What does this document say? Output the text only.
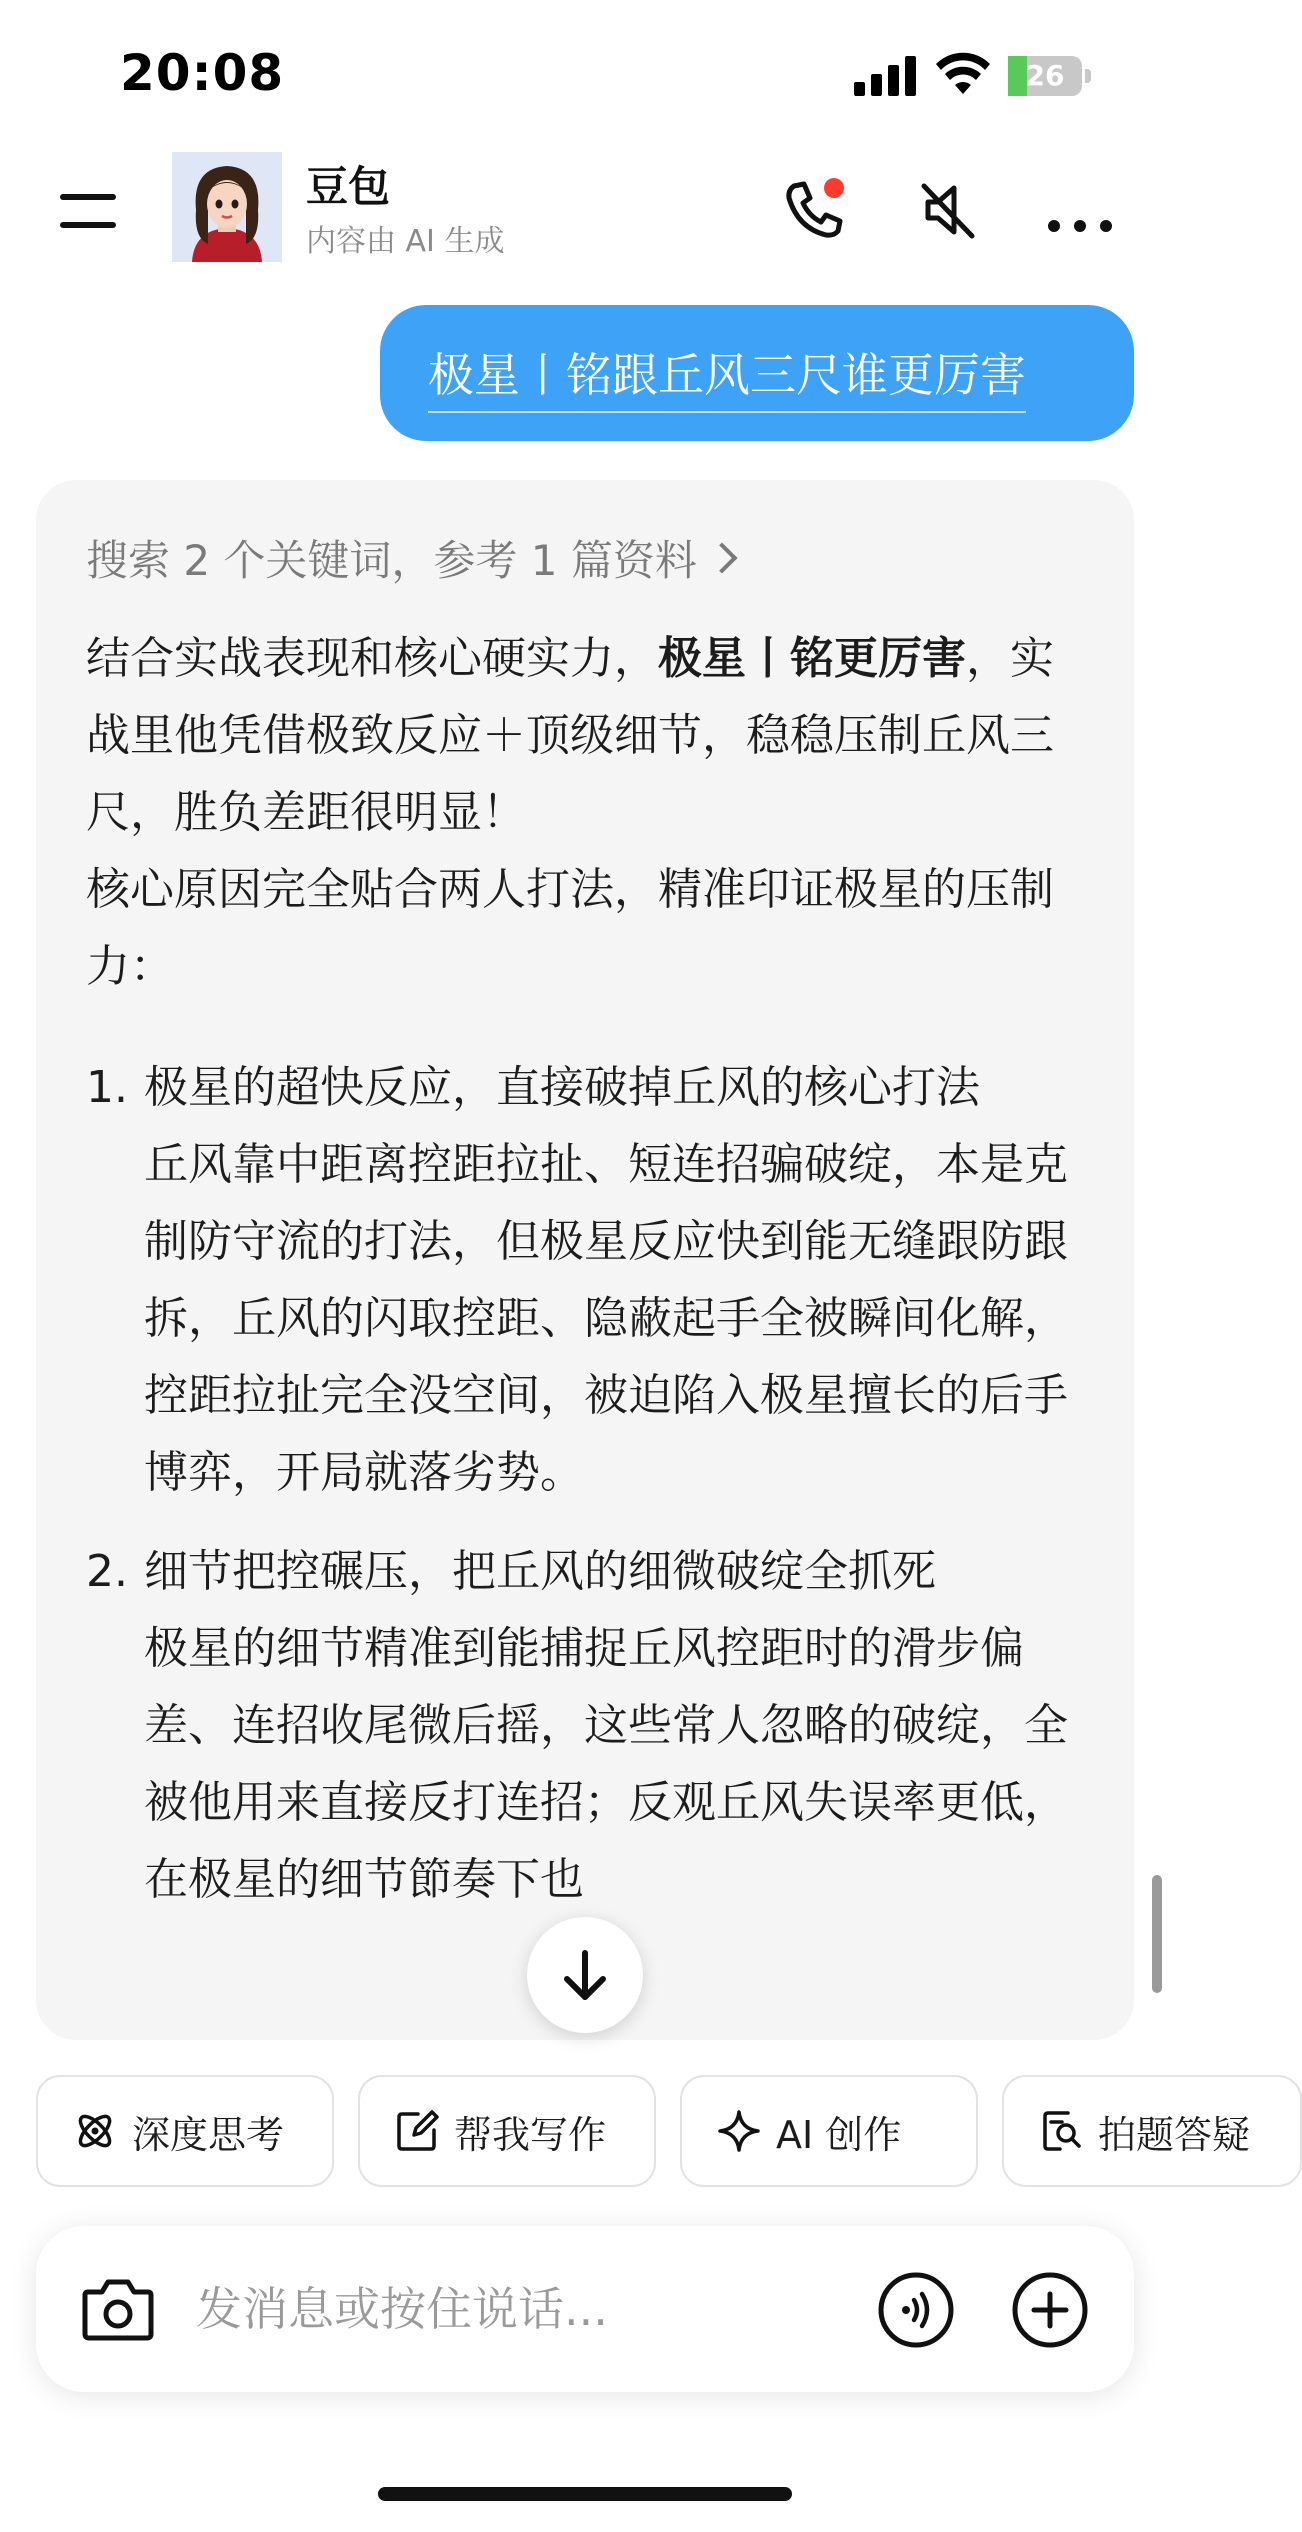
20:08	26
豆包
内容由 AI 生成
极星丨铭跟丘风三尺谁更厉害
搜索 2 个关键词，参考 1 篇资料

结合实战表现和核心硬实力，极星丨铭更厉害，实战里他凭借极致反应＋顶级细节，稳稳压制丘风三尺，胜负差距很明显！

核心原因完全贴合两人打法，精准印证极星的压制力：

1. 极星的超快反应，直接破掉丘风的核心打法
丘风靠中距离控距拉扯、短连招骗破绽，本是克制防守流的打法，但极星反应快到能无缝跟防跟拆，丘风的闪取控距、隐蔽起手全被瞬间化解，控距拉扯完全没空间，被迫陷入极星擅长的后手博弈，开局就落劣势。
2. 细节把控碾压，把丘风的细微破绽全抓死
极星的细节精准到能捕捉丘风控距时的滑步偏差、连招收尾微后摇，这些常人忽略的破绽，全被他用来直接反打连招；反观丘风失误率更低，在极星的细节節奏下也
深度思考	帮我写作	AI 创作	拍题答疑
发消息或按住说话...
